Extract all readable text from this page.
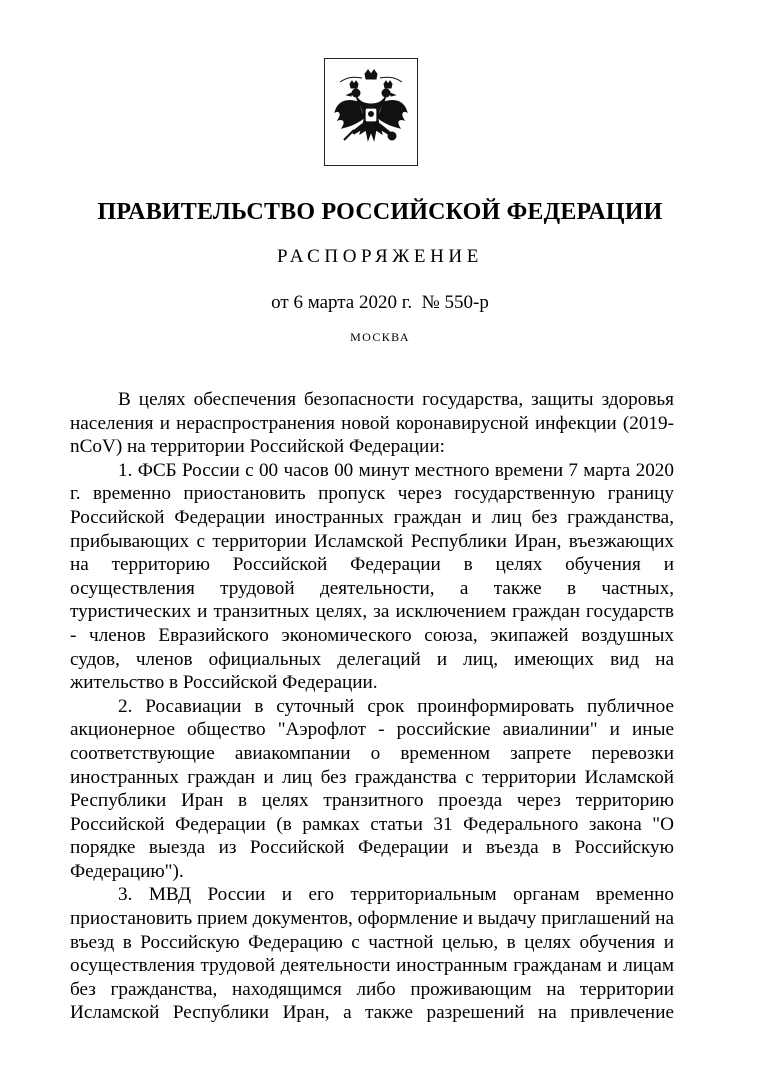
ПРАВИТЕЛЬСТВО РОССИЙСКОЙ ФЕДЕРАЦИИ
РАСПОРЯЖЕНИЕ
от 6 марта 2020 г.  № 550-р
МОСКВА

В целях обеспечения безопасности государства, защиты здоровья населения и нераспространения новой коронавирусной инфекции (2019-nCoV) на территории Российской Федерации:

1. ФСБ России с 00 часов 00 минут местного времени 7 марта 2020 г. временно приостановить пропуск через государственную границу Российской Федерации иностранных граждан и лиц без гражданства, прибывающих с территории Исламской Республики Иран, въезжающих на территорию Российской Федерации в целях обучения и осуществления трудовой деятельности, а также в частных, туристических и транзитных целях, за исключением граждан государств - членов Евразийского экономического союза, экипажей воздушных судов, членов официальных делегаций и лиц, имеющих вид на жительство в Российской Федерации.

2. Росавиации в суточный срок проинформировать публичное акционерное общество "Аэрофлот - российские авиалинии" и иные соответствующие авиакомпании о временном запрете перевозки иностранных граждан и лиц без гражданства с территории Исламской Республики Иран в целях транзитного проезда через территорию Российской Федерации (в рамках статьи 31 Федерального закона "О порядке выезда из Российской Федерации и въезда в Российскую Федерацию").

3. МВД России и его территориальным органам временно приостановить прием документов, оформление и выдачу приглашений на въезд в Российскую Федерацию с частной целью, в целях обучения и осуществления трудовой деятельности иностранным гражданам и лицам без гражданства, находящимся либо проживающим на территории Исламской Республики Иран, а также разрешений на привлечение
